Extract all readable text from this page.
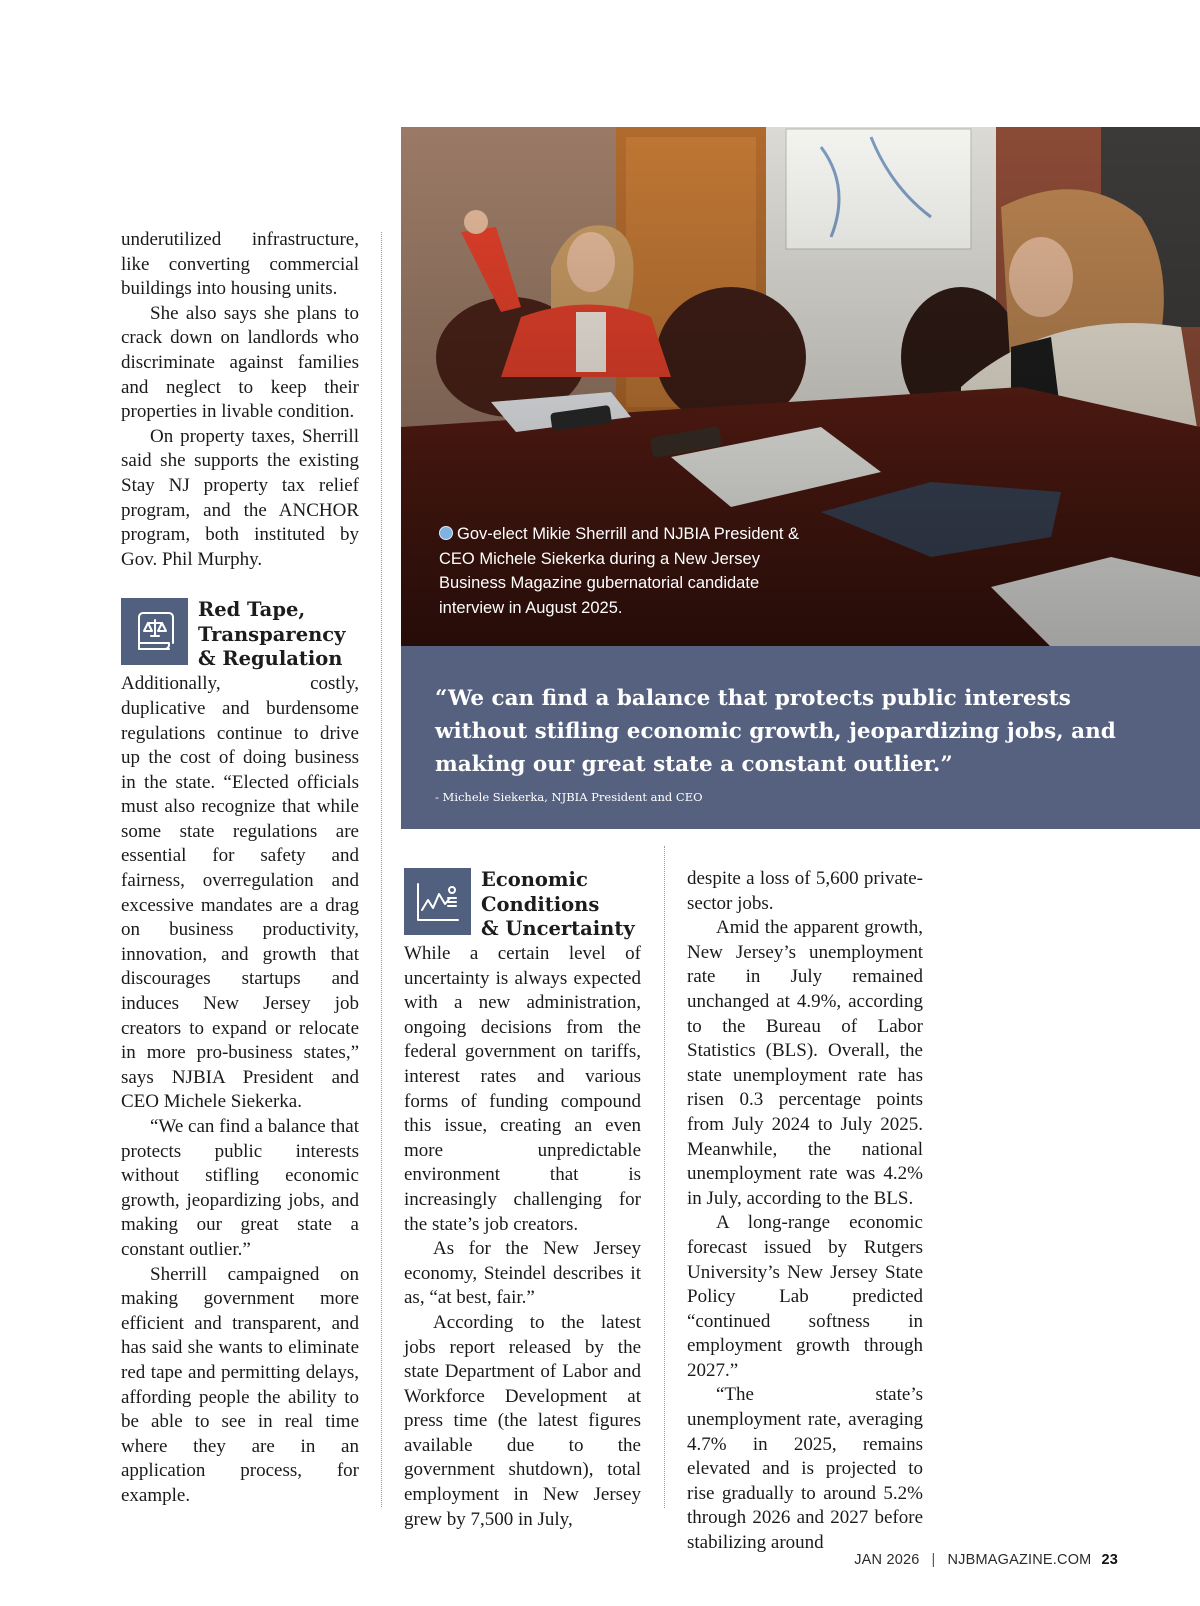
underutilized infrastructure, like converting commercial buildings into housing units.

She also says she plans to crack down on landlords who discriminate against families and neglect to keep their properties in livable condition.

On property taxes, Sherrill said she supports the existing Stay NJ property tax relief program, and the ANCHOR program, both instituted by Gov. Phil Murphy.

Red Tape,
Transparency
& Regulation

Additionally, costly, duplicative and burdensome regulations continue to drive up the cost of doing business in the state. “Elected officials must also recognize that while some state regulations are essential for safety and fairness, overregulation and excessive mandates are a drag on business productivity, innovation, and growth that discourages startups and induces New Jersey job creators to expand or relocate in more pro-business states,” says NJBIA President and CEO Michele Siekerka.

“We can find a balance that protects public interests without stifling economic growth, jeopardizing jobs, and making our great state a constant outlier.”

Sherrill campaigned on making government more efficient and transparent, and has said she wants to eliminate red tape and permitting delays, affording people the ability to be able to see in real time where they are in an application process, for example.

Gov-elect Mikie Sherrill and NJBIA President & CEO Michele Siekerka during a New Jersey Business Magazine gubernatorial candidate interview in August 2025.
“We can find a balance that protects public interests without stifling economic growth, jeopardizing jobs, and making our great state a constant outlier.”
- Michele Siekerka, NJBIA President and CEO
Economic
Conditions
& Uncertainty

While a certain level of uncertainty is always expected with a new administration, ongoing decisions from the federal government on tariffs, interest rates and various forms of funding compound this issue, creating an even more unpredictable environment that is increasingly challenging for the state’s job creators.

As for the New Jersey economy, Steindel describes it as, “at best, fair.”

According to the latest jobs report released by the state Department of Labor and Workforce Development at press time (the latest figures available due to the government shutdown), total employment in New Jersey grew by 7,500 in July,

despite a loss of 5,600 private-sector jobs.

Amid the apparent growth, New Jersey’s unemployment rate in July remained unchanged at 4.9%, according to the Bureau of Labor Statistics (BLS). Overall, the state unemployment rate has risen 0.3 percentage points from July 2024 to July 2025. Meanwhile, the national unemployment rate was 4.2% in July, according to the BLS.

A long-range economic forecast issued by Rutgers University’s New Jersey State Policy Lab predicted “continued softness in employment growth through 2027.”

“The state’s unemployment rate, averaging 4.7% in 2025, remains elevated and is projected to rise gradually to around 5.2% through 2026 and 2027 before stabilizing around

JAN 2026 | NJBMAGAZINE.COM 23
